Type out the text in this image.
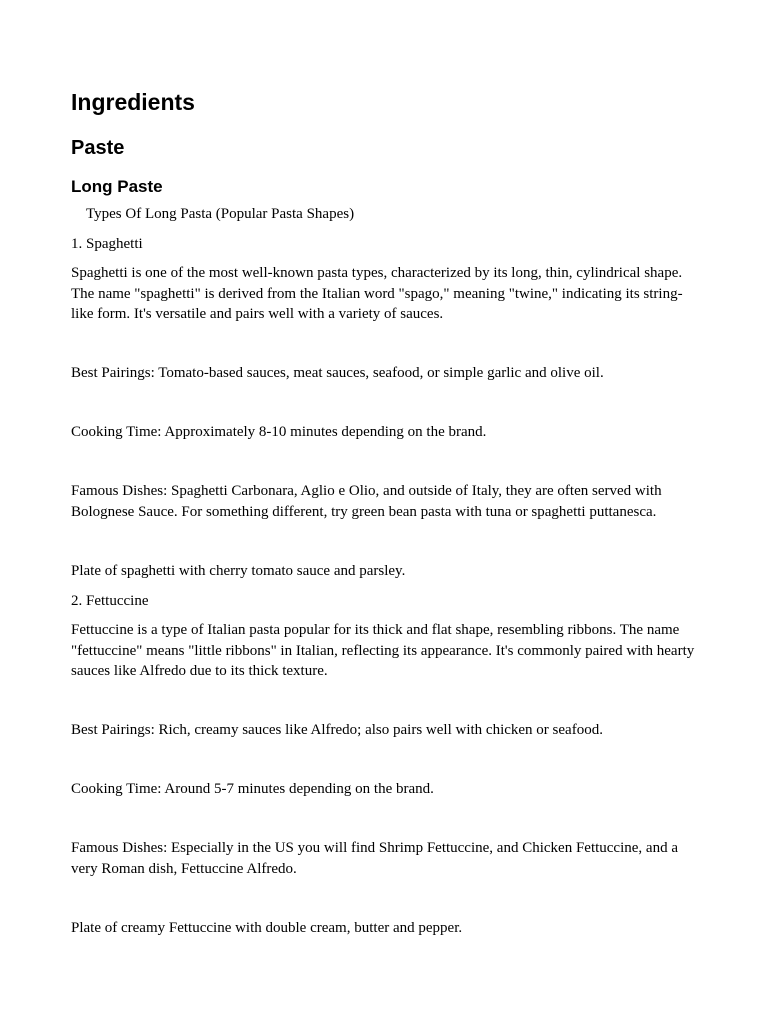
Ingredients
Paste
Long Paste

Types Of Long Pasta (Popular Pasta Shapes)

1. Spaghetti

Spaghetti is one of the most well-known pasta types, characterized by its long, thin, cylindrical shape. The name "spaghetti" is derived from the Italian word "spago," meaning "twine," indicating its string-like form. It's versatile and pairs well with a variety of sauces.

Best Pairings: Tomato-based sauces, meat sauces, seafood, or simple garlic and olive oil.

Cooking Time: Approximately 8-10 minutes depending on the brand.

Famous Dishes: Spaghetti Carbonara, Aglio e Olio, and outside of Italy, they are often served with Bolognese Sauce. For something different, try green bean pasta with tuna or spaghetti puttanesca.

Plate of spaghetti with cherry tomato sauce and parsley.

2. Fettuccine

Fettuccine is a type of Italian pasta popular for its thick and flat shape, resembling ribbons. The name "fettuccine" means "little ribbons" in Italian, reflecting its appearance. It's commonly paired with hearty sauces like Alfredo due to its thick texture.

Best Pairings: Rich, creamy sauces like Alfredo; also pairs well with chicken or seafood.

Cooking Time: Around 5-7 minutes depending on the brand.

Famous Dishes: Especially in the US you will find Shrimp Fettuccine, and Chicken Fettuccine, and a very Roman dish, Fettuccine Alfredo.

Plate of creamy Fettuccine with double cream, butter and pepper.
